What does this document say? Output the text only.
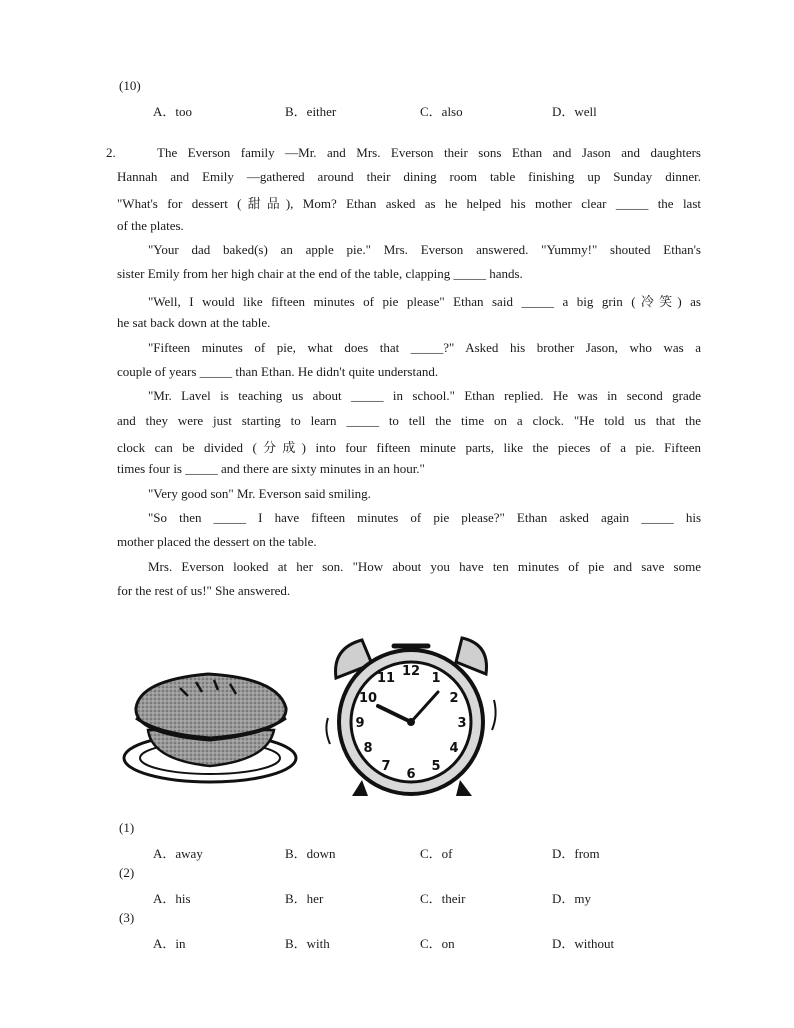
(10)
A．too	B．either	C．also	D．well
2.	The Everson family —Mr. and Mrs. Everson their sons Ethan and Jason and daughters
Hannah and Emily —gathered around their dining room table finishing up Sunday dinner.
"What's for dessert (甜品), Mom? Ethan asked as he helped his mother clear _____ the last
of the plates.
"Your dad baked(s) an apple pie." Mrs. Everson answered. "Yummy!" shouted Ethan's
sister Emily from her high chair at the end of the table, clapping _____ hands.
"Well, I would like fifteen minutes of pie please" Ethan said _____ a big grin (冷笑) as
he sat back down at the table.
"Fifteen minutes of pie, what does that _____?" Asked his brother Jason, who was a
couple of years _____ than Ethan. He didn't quite understand.
"Mr. Lavel is teaching us about _____ in school." Ethan replied. He was in second grade
and they were just starting to learn _____ to tell the time on a clock. "He told us that the
clock can be divided (分成) into four fifteen minute parts, like the pieces of a pie. Fifteen
times four is _____ and there are sixty minutes in an hour."
"Very good son" Mr. Everson said smiling.
"So then _____ I have fifteen minutes of pie please?" Ethan asked again _____ his
mother placed the dessert on the table.
Mrs. Everson looked at her son. "How about you have ten minutes of pie and save some
for the rest of us!" She answered.
12 1
2
3
4
5
6
7
8
9
10
11
(1)
A．away	B．down	C．of	D．from
(2)
A．his	B．her	C．their	D．my
(3)
A．in	B．with	C．on	D．without
